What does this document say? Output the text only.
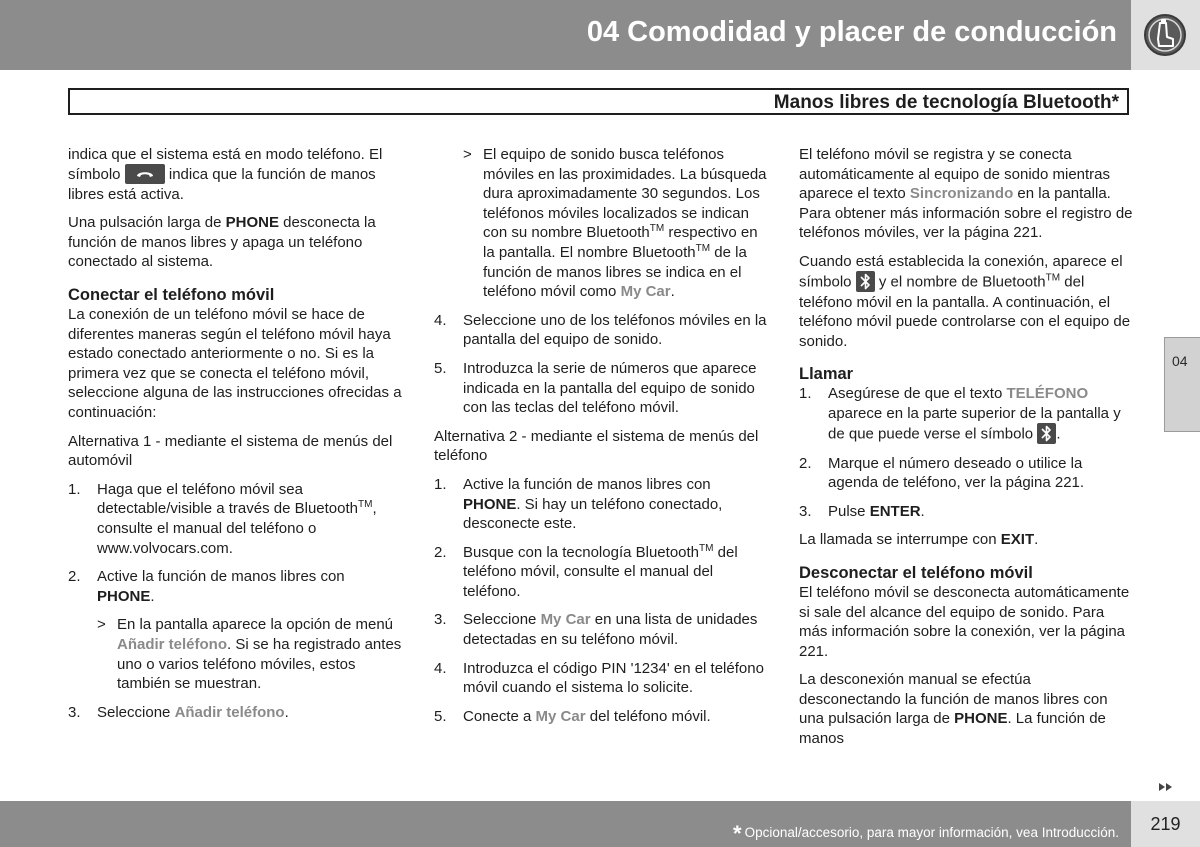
04 Comodidad y placer de conducción
Manos libres de tecnología Bluetooth*

indica que el sistema está en modo teléfono. El símbolo	indica que la función de manos libres está activa.

Una pulsación larga de PHONE desconecta la función de manos libres y apaga un teléfono conectado al sistema.

Conectar el teléfono móvil

La conexión de un teléfono móvil se hace de diferentes maneras según el teléfono móvil haya estado conectado anteriormente o no. Si es la primera vez que se conecta el teléfono móvil, seleccione alguna de las instrucciones ofrecidas a continuación:

Alternativa 1 - mediante el sistema de menús del automóvil

1. Haga que el teléfono móvil sea detectable/visible a través de Bluetooth™, consulte el manual del teléfono o www.volvocars.com.
2. Active la función de manos libres con PHONE.
> En la pantalla aparece la opción de menú Añadir teléfono. Si se ha registrado antes uno o varios teléfono móviles, estos también se muestran.
3. Seleccione Añadir teléfono.
> El equipo de sonido busca teléfonos móviles en las proximidades. La búsqueda dura aproximadamente 30 segundos. Los teléfonos móviles localizados se indican con su nombre Bluetooth™ respectivo en la pantalla. El nombre Bluetooth™ de la función de manos libres se indica en el teléfono móvil como My Car.
4. Seleccione uno de los teléfonos móviles en la pantalla del equipo de sonido.
5. Introduzca la serie de números que aparece indicada en la pantalla del equipo de sonido con las teclas del teléfono móvil.

Alternativa 2 - mediante el sistema de menús del teléfono

1. Active la función de manos libres con PHONE. Si hay un teléfono conectado, desconecte este.
2. Busque con la tecnología Bluetooth™ del teléfono móvil, consulte el manual del teléfono.
3. Seleccione My Car en una lista de unidades detectadas en su teléfono móvil.
4. Introduzca el código PIN '1234' en el teléfono móvil cuando el sistema lo solicite.
5. Conecte a My Car del teléfono móvil.

El teléfono móvil se registra y se conecta automáticamente al equipo de sonido mientras aparece el texto Sincronizando en la pantalla. Para obtener más información sobre el registro de teléfonos móviles, ver la página 221.

Cuando está establecida la conexión, aparece el símbolo  y el nombre de Bluetooth™ del teléfono móvil en la pantalla. A continuación, el teléfono móvil puede controlarse con el equipo de sonido.

Llamar
1. Asegúrese de que el texto TELÉFONO aparece en la parte superior de la pantalla y de que puede verse el símbolo .
2. Marque el número deseado o utilice la agenda de teléfono, ver la página 221.
3. Pulse ENTER.

La llamada se interrumpe con EXIT.

Desconectar el teléfono móvil

El teléfono móvil se desconecta automáticamente si sale del alcance del equipo de sonido. Para más información sobre la conexión, ver la página 221.

La desconexión manual se efectúa desconectando la función de manos libres con una pulsación larga de PHONE. La función de manos

04
* Opcional/accesorio, para mayor información, vea Introducción.	219
